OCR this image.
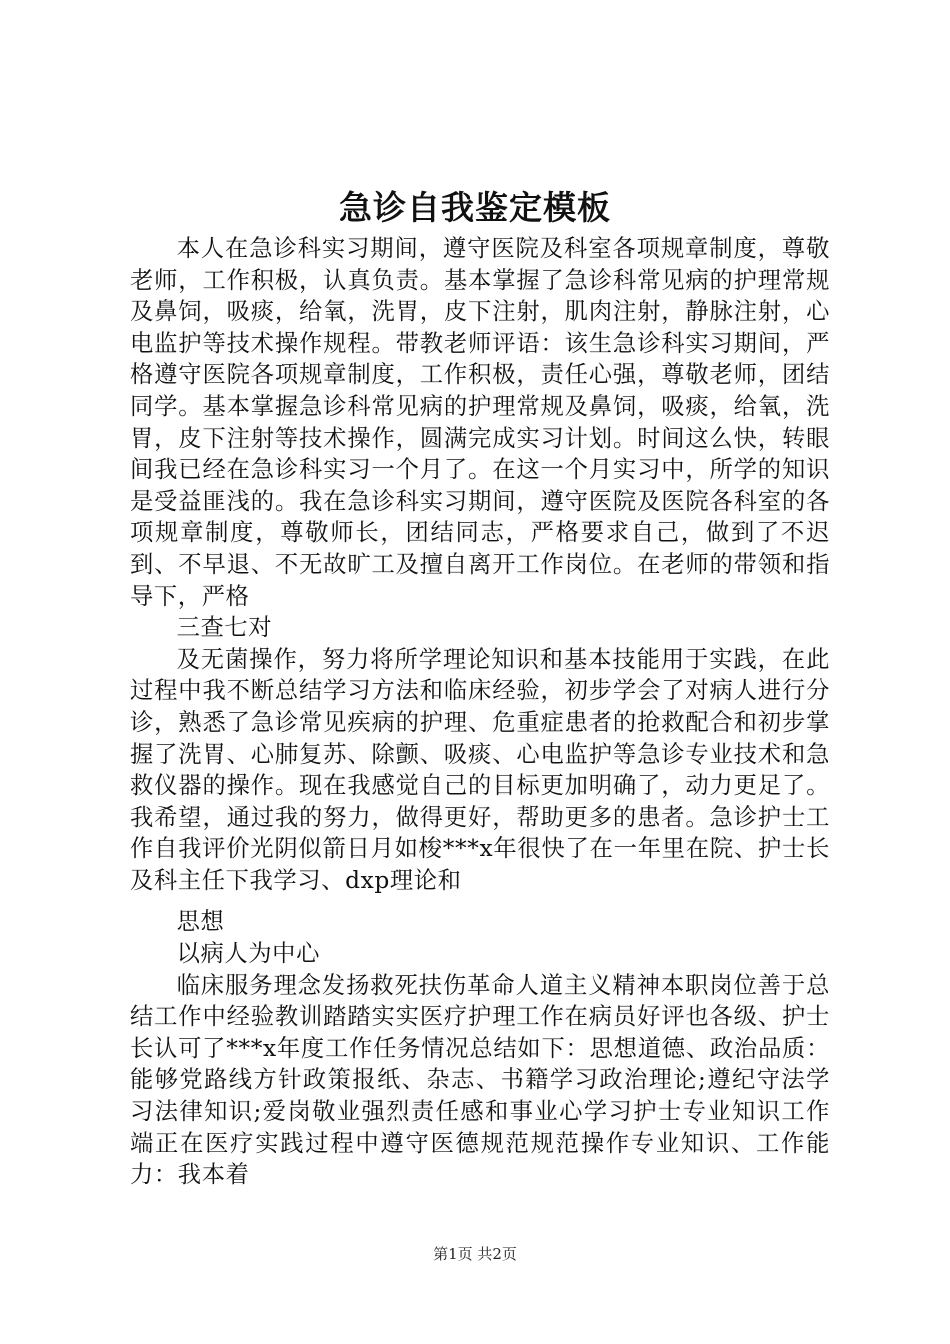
急诊自我鉴定模板

本人在急诊科实习期间，遵守医院及科室各项规章制度，尊敬老师，工作积极，认真负责。基本掌握了急诊科常见病的护理常规及鼻饲，吸痰，给氧，洗胃，皮下注射，肌肉注射，静脉注射，心电监护等技术操作规程。带教老师评语：该生急诊科实习期间，严格遵守医院各项规章制度，工作积极，责任心强，尊敬老师，团结同学。基本掌握急诊科常见病的护理常规及鼻饲，吸痰，给氧，洗胃，皮下注射等技术操作，圆满完成实习计划。时间这么快，转眼间我已经在急诊科实习一个月了。在这一个月实习中，所学的知识是受益匪浅的。我在急诊科实习期间，遵守医院及医院各科室的各项规章制度，尊敬师长，团结同志，严格要求自己，做到了不迟到、不早退、不无故旷工及擅自离开工作岗位。在老师的带领和指导下，严格

三查七对

及无菌操作，努力将所学理论知识和基本技能用于实践，在此过程中我不断总结学习方法和临床经验，初步学会了对病人进行分诊，熟悉了急诊常见疾病的护理、危重症患者的抢救配合和初步掌握了洗胃、心肺复苏、除颤、吸痰、心电监护等急诊专业技术和急救仪器的操作。现在我感觉自己的目标更加明确了，动力更足了。我希望，通过我的努力，做得更好，帮助更多的患者。急诊护士工作自我评价光阴似箭日月如梭***x年很快了在一年里在院、护士长及科主任下我学习、dxp理论和

思想

以病人为中心

临床服务理念发扬救死扶伤革命人道主义精神本职岗位善于总结工作中经验教训踏踏实实医疗护理工作在病员好评也各级、护士长认可了***x年度工作任务情况总结如下：思想道德、政治品质：能够党路线方针政策报纸、杂志、书籍学习政治理论;遵纪守法学习法律知识;爱岗敬业强烈责任感和事业心学习护士专业知识工作端正在医疗实践过程中遵守医德规范规范操作专业知识、工作能力：我本着

第1页 共2页
